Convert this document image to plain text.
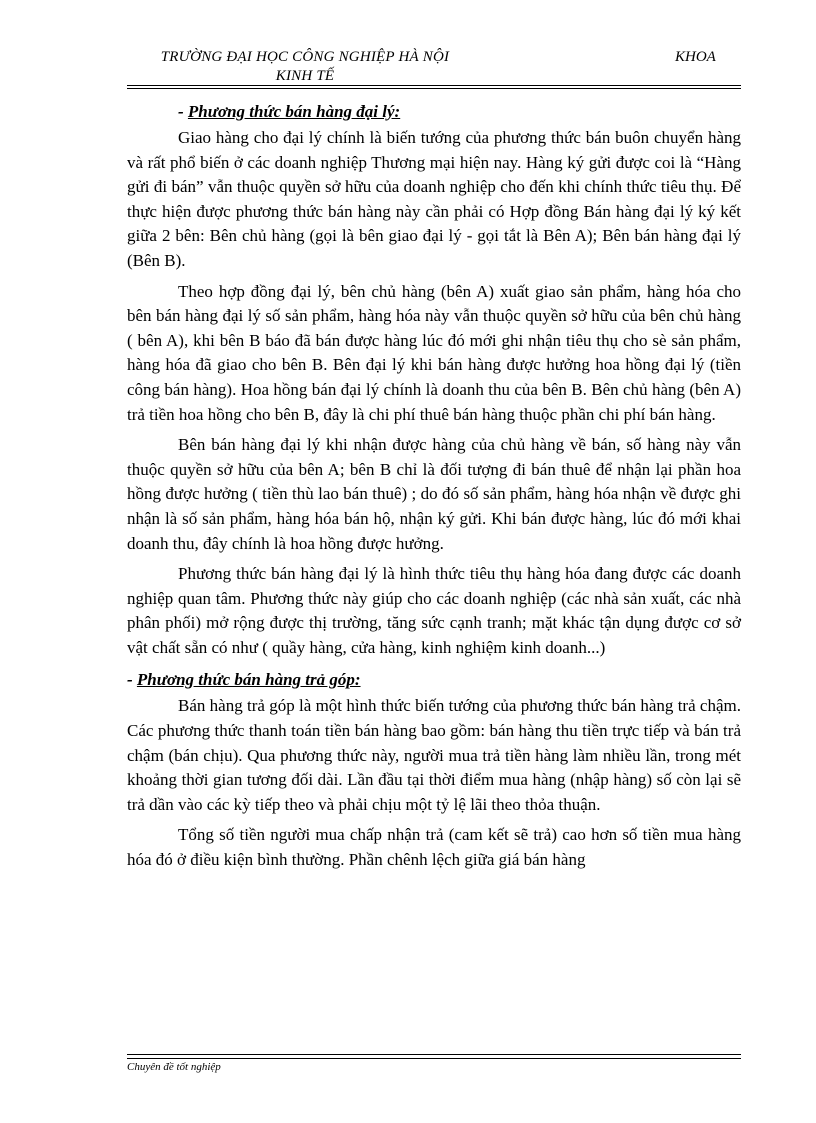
TRƯỜNG ĐẠI HỌC CÔNG NGHIỆP HÀ NỘI
KINH TẾ
KHOA

- Phương thức bán hàng đại lý:

Giao hàng cho đại lý chính là biến tướng của phương thức bán buôn chuyển hàng và rất phổ biến ở các doanh nghiệp Thương mại hiện nay. Hàng ký gửi được coi là “Hàng gửi đi bán” vẫn thuộc quyền sở hữu của doanh nghiệp cho đến khi chính thức tiêu thụ. Để thực hiện được phương thức bán hàng này cần phải có Hợp đồng Bán hàng đại lý ký kết giữa 2 bên: Bên chủ hàng (gọi là bên giao đại lý - gọi tắt là Bên A); Bên bán hàng đại lý (Bên B).

Theo hợp đồng đại lý, bên chủ hàng (bên A) xuất giao sản phẩm, hàng hóa cho bên bán hàng đại lý số sản phẩm, hàng hóa này vẫn thuộc quyền sở hữu của bên chủ hàng ( bên A), khi bên B báo đã bán được hàng lúc đó mới ghi nhận tiêu thụ cho sè sản phẩm, hàng hóa đã giao cho bên B. Bên đại lý khi bán hàng được hưởng hoa hồng đại lý (tiền công bán hàng). Hoa hồng bán đại lý chính là doanh thu của bên B. Bên chủ hàng (bên A) trả tiền hoa hồng cho bên B, đây là chi phí thuê bán hàng thuộc phần chi phí bán hàng.

Bên bán hàng đại lý khi nhận được hàng của chủ hàng về bán, số hàng này vẫn thuộc quyền sở hữu của bên A; bên B chỉ là đối tượng đi bán thuê để nhận lại phần hoa hồng được hưởng ( tiền thù lao bán thuê) ; do đó số sản phẩm, hàng hóa nhận về được ghi nhận là số sản phẩm, hàng hóa bán hộ, nhận ký gửi. Khi bán được hàng, lúc đó mới khai doanh thu, đây chính là hoa hồng được hưởng.

Phương thức bán hàng đại lý là hình thức tiêu thụ hàng hóa đang được các doanh nghiệp quan tâm. Phương thức này giúp cho các doanh nghiệp (các nhà sản xuất, các nhà phân phối) mở rộng được thị trường, tăng sức cạnh tranh; mặt khác tận dụng được cơ sở vật chất sẵn có như ( quầy hàng, cửa hàng, kinh nghiệm kinh doanh...)

- Phương thức bán hàng trả góp:

Bán hàng trả góp là một hình thức biến tướng của phương thức bán hàng trả chậm. Các phương thức thanh toán tiền bán hàng bao gồm: bán hàng thu tiền trực tiếp và bán trả chậm (bán chịu). Qua phương thức này, người mua trả tiền hàng làm nhiều lần, trong mét khoảng thời gian tương đối dài. Lần đầu tại thời điểm mua hàng (nhập hàng) số còn lại sẽ trả dần vào các kỳ tiếp theo và phải chịu một tỷ lệ lãi theo thỏa thuận.

Tổng số tiền người mua chấp nhận trả (cam kết sẽ trả) cao hơn số tiền mua hàng hóa đó ở điều kiện bình thường. Phần chênh lệch giữa giá bán hàng

Chuyên đề tốt nghiệp
